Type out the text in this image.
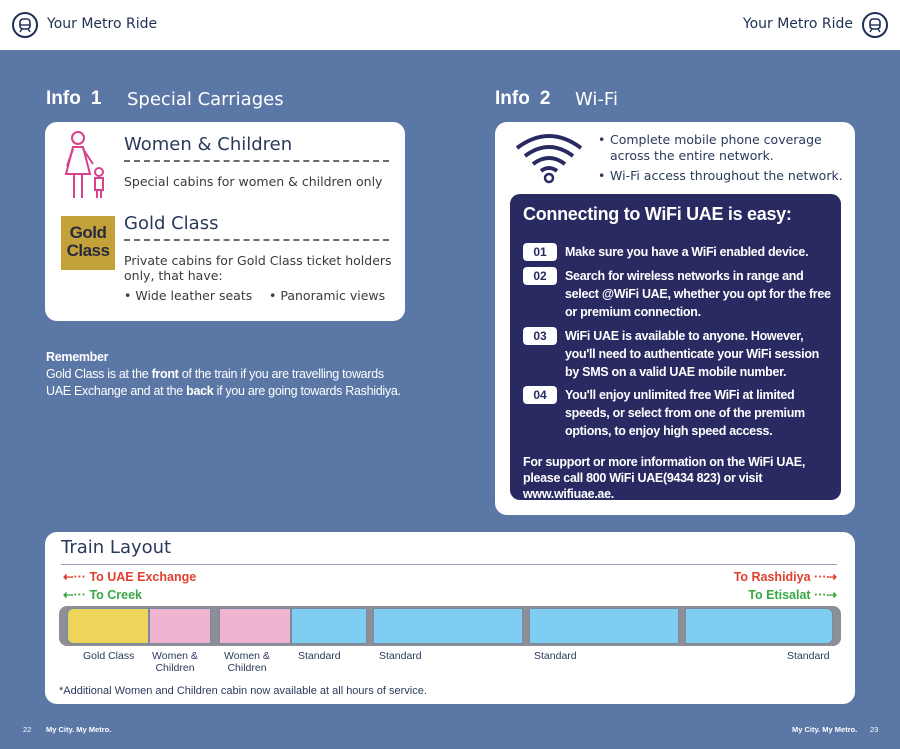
Your Metro Ride	Your Metro Ride
Info 1 Special Carriages
Women & Children
Special cabins for women & children only
Gold Class
Gold Class
Private cabins for Gold Class ticket holders only, that have:
• Wide leather seats • Panoramic views
Remember
Gold Class is at the front of the train if you are travelling towards
UAE Exchange and at the back if you are going towards Rashidiya.
Info 2 Wi-Fi
• Complete mobile phone coverage across the entire network.
• Wi-Fi access throughout the network.
Connecting to WiFi UAE is easy:
01	Make sure you have a WiFi enabled device.
02	Search for wireless networks in range and select @WiFi UAE, whether you opt for the free or premium connection.
03	WiFi UAE is available to anyone. However, you'll need to authenticate your WiFi session by SMS on a valid UAE mobile number.
04	You'll enjoy unlimited free WiFi at limited speeds, or select from one of the premium options, to enjoy high speed access.
For support or more information on the WiFi UAE, please call 800 WiFi UAE(9434 823) or visit www.wifiuae.ae.
Train Layout
⇠··· To UAE Exchange
⇠··· To Creek
To Rashidiya ···⇢
To Etisalat ···⇢
Gold Class Women & Children
Women & Children
Standard	Standard	Standard	Standard
*Additional Women and Children cabin now available at all hours of service.
22 My City. My Metro.	My City. My Metro. 23
